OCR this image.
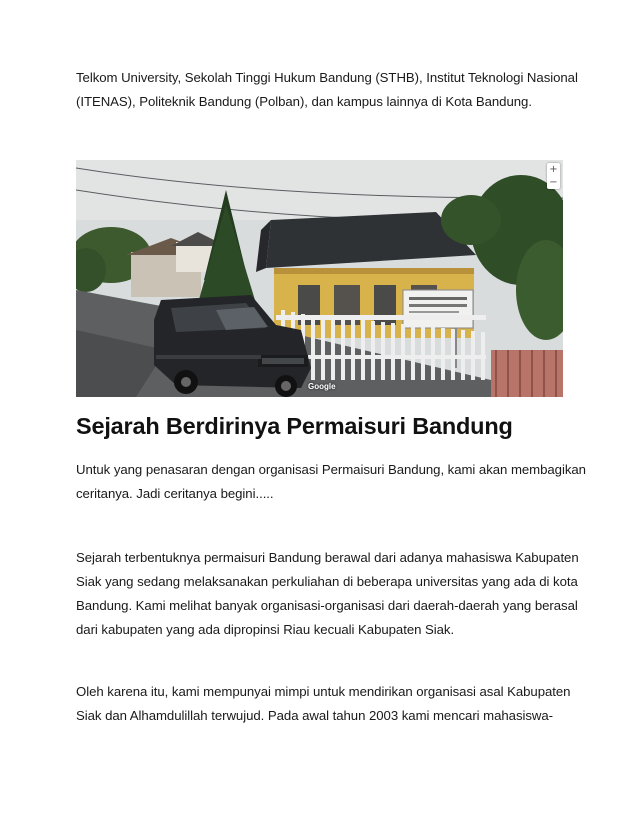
Telkom University, Sekolah Tinggi Hukum Bandung (STHB), Institut Teknologi Nasional
(ITENAS), Politeknik Bandung (Polban), dan kampus lainnya di Kota Bandung.

+
−
Google
Sejarah Berdirinya Permaisuri Bandung

Untuk yang penasaran dengan organisasi Permaisuri Bandung, kami akan membagikan
ceritanya. Jadi ceritanya begini.....

Sejarah terbentuknya permaisuri Bandung berawal dari adanya mahasiswa Kabupaten
Siak yang sedang melaksanakan perkuliahan di beberapa universitas yang ada di kota
Bandung. Kami melihat banyak organisasi-organisasi dari daerah-daerah yang berasal
dari kabupaten yang ada dipropinsi Riau kecuali Kabupaten Siak.

Oleh karena itu, kami mempunyai mimpi untuk mendirikan organisasi asal Kabupaten
Siak dan Alhamdulillah terwujud. Pada awal tahun 2003 kami mencari mahasiswa-
